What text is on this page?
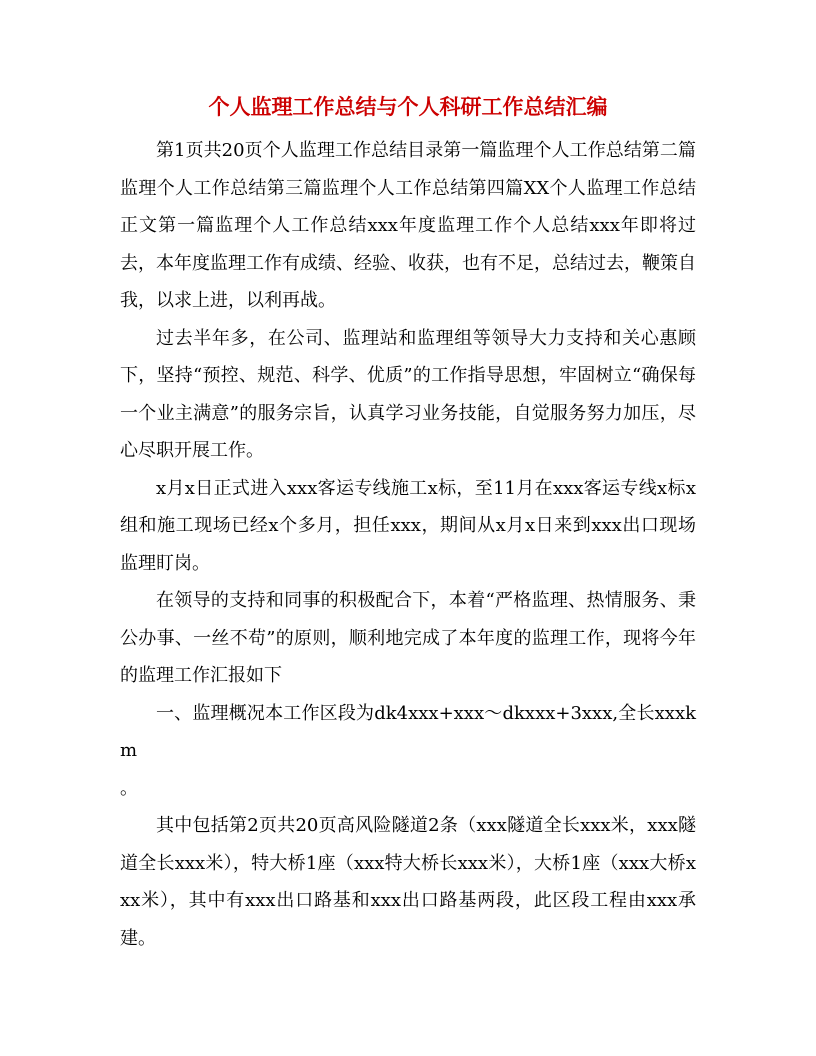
个人监理工作总结与个人科研工作总结汇编

第1页共20页个人监理工作总结目录第一篇监理个人工作总结第二篇监理个人工作总结第三篇监理个人工作总结第四篇XX个人监理工作总结正文第一篇监理个人工作总结xxx年度监理工作个人总结xxx年即将过去，本年度监理工作有成绩、经验、收获，也有不足，总结过去，鞭策自我，以求上进，以利再战。

过去半年多，在公司、监理站和监理组等领导大力支持和关心惠顾下，坚持“预控、规范、科学、优质”的工作指导思想，牢固树立“确保每一个业主满意”的服务宗旨，认真学习业务技能，自觉服务努力加压，尽心尽职开展工作。

x月x日正式进入xxx客运专线施工x标，至11月在xxx客运专线x标x组和施工现场已经x个多月，担任xxx，期间从x月x日来到xxx出口现场监理盯岗。

在领导的支持和同事的积极配合下，本着“严格监理、热情服务、秉公办事、一丝不苟”的原则，顺利地完成了本年度的监理工作，现将今年的监理工作汇报如下

一、监理概况本工作区段为dk4xxx+xxx～dkxxx+3xxx,全长xxxkm

。

其中包括第2页共20页高风险隧道2条（xxx隧道全长xxx米，xxx隧道全长xxx米），特大桥1座（xxx特大桥长xxx米），大桥1座（xxx大桥xxx米），其中有xxx出口路基和xxx出口路基两段，此区段工程由xxx承建。
